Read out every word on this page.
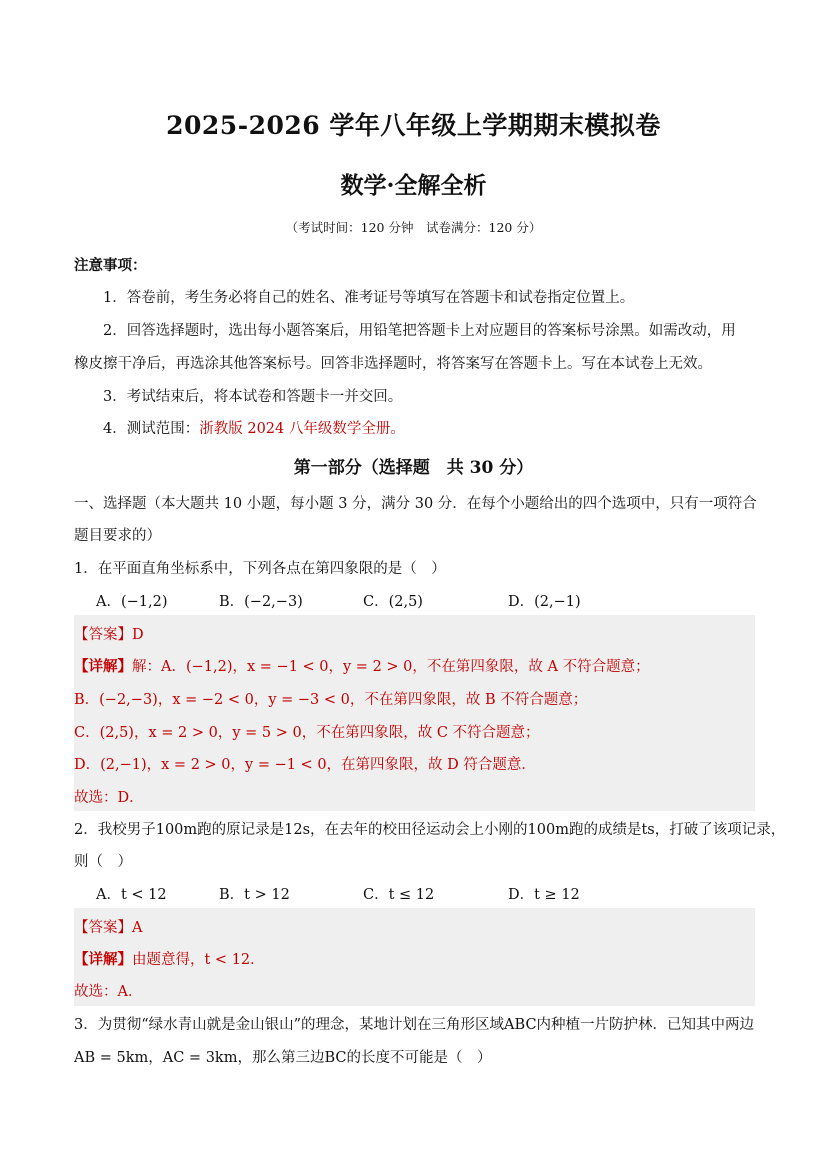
2025-2026 学年八年级上学期期末模拟卷
数学·全解全析
（考试时间：120 分钟　试卷满分：120 分）
注意事项：
1．答卷前，考生务必将自己的姓名、准考证号等填写在答题卡和试卷指定位置上。
2．回答选择题时，选出每小题答案后，用铅笔把答题卡上对应题目的答案标号涂黑。如需改动，用
橡皮擦干净后，再选涂其他答案标号。回答非选择题时，将答案写在答题卡上。写在本试卷上无效。
3．考试结束后，将本试卷和答题卡一并交回。
4．测试范围：浙教版 2024 八年级数学全册。
第一部分（选择题　共 30 分）
一、选择题（本大题共 10 小题，每小题 3 分，满分 30 分．在每个小题给出的四个选项中，只有一项符合
题目要求的）
1．在平面直角坐标系中，下列各点在第四象限的是（　）
A．(−1,2)	B．(−2,−3)	C．(2,5)	D．(2,−1)
【答案】D
【详解】解：A．(−1,2)，x = −1 < 0，y = 2 > 0，不在第四象限，故 A 不符合题意；
B．(−2,−3)，x = −2 < 0，y = −3 < 0，不在第四象限，故 B 不符合题意；
C．(2,5)，x = 2 > 0，y = 5 > 0，不在第四象限，故 C 不符合题意；
D．(2,−1)，x = 2 > 0，y = −1 < 0，在第四象限，故 D 符合题意．
故选：D．
2．我校男子100m跑的原记录是12s，在去年的校田径运动会上小刚的100m跑的成绩是ts，打破了该项记录，
则（　）
A．t < 12	B．t > 12	C．t ≤ 12	D．t ≥ 12
【答案】A
【详解】由题意得，t < 12．
故选：A．
3．为贯彻“绿水青山就是金山银山”的理念，某地计划在三角形区域ABC内种植一片防护林．已知其中两边
AB = 5km，AC = 3km，那么第三边BC的长度不可能是（　）
